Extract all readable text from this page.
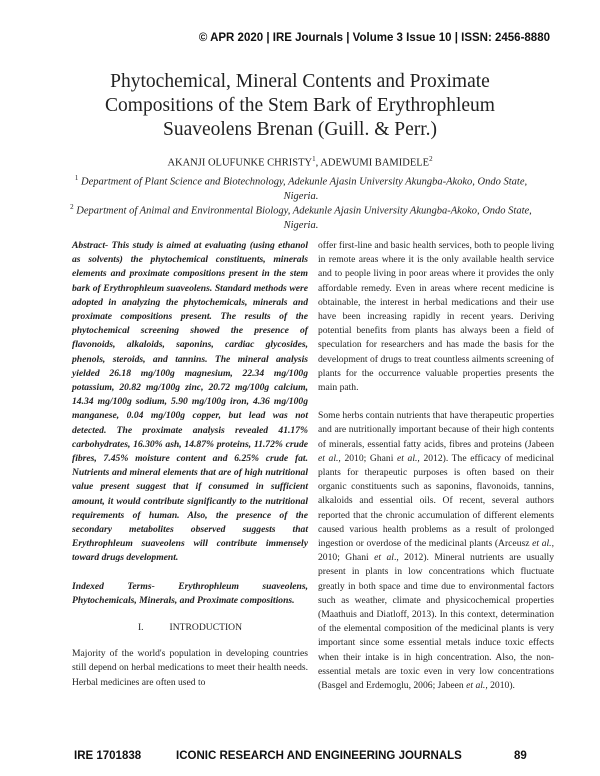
© APR 2020 | IRE Journals | Volume 3 Issue 10 | ISSN: 2456-8880
Phytochemical, Mineral Contents and Proximate
Compositions of the Stem Bark of Erythrophleum
Suaveolens Brenan (Guill. & Perr.)
AKANJI OLUFUNKE CHRISTY$^1$, ADEWUMI BAMIDELE$^2$
$^1$ Department of Plant Science and Biotechnology, Adekunle Ajasin University Akungba-Akoko, Ondo State, Nigeria.
$^2$ Department of Animal and Environmental Biology, Adekunle Ajasin University Akungba-Akoko, Ondo State, Nigeria.

Abstract- This study is aimed at evaluating (using ethanol as solvents) the phytochemical constituents, minerals elements and proximate compositions present in the stem bark of Erythrophleum suaveolens. Standard methods were adopted in analyzing the phytochemicals, minerals and proximate compositions present. The results of the phytochemical screening showed the presence of flavonoids, alkaloids, saponins, cardiac glycosides, phenols, steroids, and tannins. The mineral analysis yielded 26.18 mg/100g magnesium, 22.34 mg/100g potassium, 20.82 mg/100g zinc, 20.72 mg/100g calcium, 14.34 mg/100g sodium, 5.90 mg/100g iron, 4.36 mg/100g manganese, 0.04 mg/100g copper, but lead was not detected. The proximate analysis revealed 41.17% carbohydrates, 16.30% ash, 14.87% proteins, 11.72% crude fibres, 7.45% moisture content and 6.25% crude fat. Nutrients and mineral elements that are of high nutritional value present suggest that if consumed in sufficient amount, it would contribute significantly to the nutritional requirements of human. Also, the presence of the secondary metabolites observed suggests that Erythrophleum suaveolens will contribute immensely toward drugs development.

Indexed Terms- Erythrophleum suaveolens, Phytochemicals, Minerals, and Proximate compositions.

I.	INTRODUCTION

Majority of the world's population in developing countries still depend on herbal medications to meet their health needs. Herbal medicines are often used to

offer first-line and basic health services, both to people living in remote areas where it is the only available health service and to people living in poor areas where it provides the only affordable remedy. Even in areas where recent medicine is obtainable, the interest in herbal medications and their use have been increasing rapidly in recent years. Deriving potential benefits from plants has always been a field of speculation for researchers and has made the basis for the development of drugs to treat countless ailments screening of plants for the occurrence valuable properties presents the main path.

Some herbs contain nutrients that have therapeutic properties and are nutritionally important because of their high contents of minerals, essential fatty acids, fibres and proteins (Jabeen et al., 2010; Ghani et al., 2012). The efficacy of medicinal plants for therapeutic purposes is often based on their organic constituents such as saponins, flavonoids, tannins, alkaloids and essential oils. Of recent, several authors reported that the chronic accumulation of different elements caused various health problems as a result of prolonged ingestion or overdose of the medicinal plants (Arceusz et al., 2010; Ghani et al., 2012). Mineral nutrients are usually present in plants in low concentrations which fluctuate greatly in both space and time due to environmental factors such as weather, climate and physicochemical properties (Maathuis and Diatloff, 2013). In this context, determination of the elemental composition of the medicinal plants is very important since some essential metals induce toxic effects when their intake is in high concentration. Also, the non-essential metals are toxic even in very low concentrations (Basgel and Erdemoglu, 2006; Jabeen et al., 2010).

IRE 1701838	ICONIC RESEARCH AND ENGINEERING JOURNALS	89
